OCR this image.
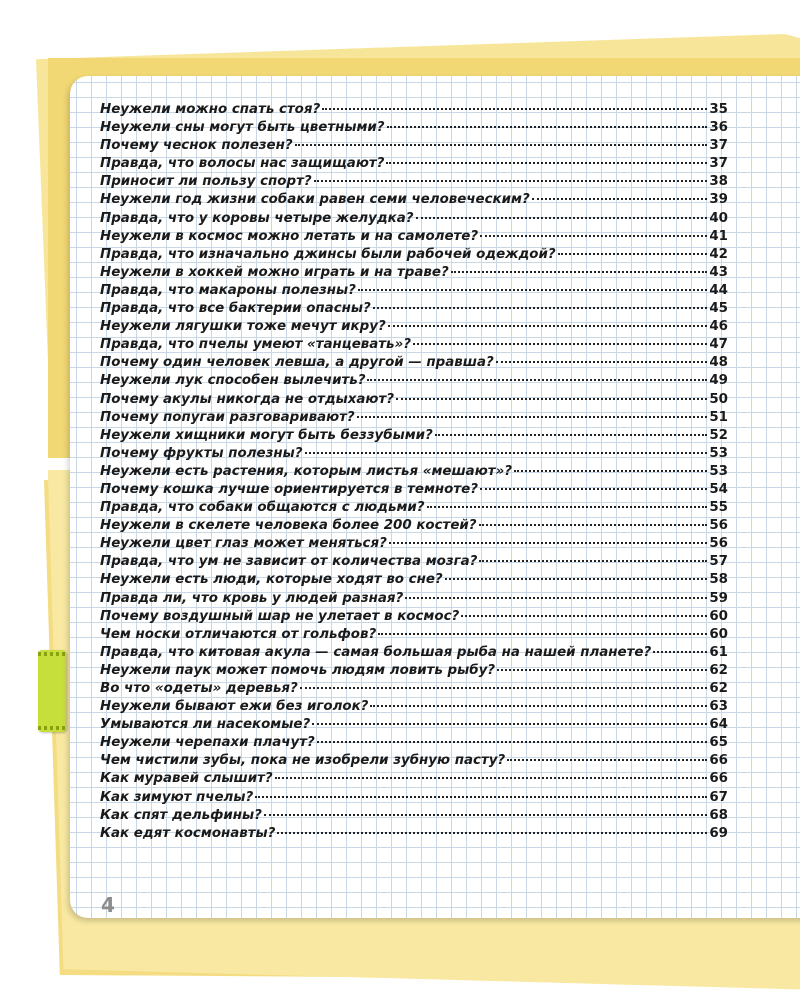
Неужели можно спать стоя?	35
Неужели сны могут быть цветными?	36
Почему чеснок полезен?	37
Правда, что волосы нас защищают?	37
Приносит ли пользу спорт?	38
Неужели год жизни собаки равен семи человеческим?	39
Правда, что у коровы четыре желудка?	40
Неужели в космос можно летать и на самолете?	41
Правда, что изначально джинсы были рабочей одеждой?	42
Неужели в хоккей можно играть и на траве?	43
Правда, что макароны полезны?	44
Правда, что все бактерии опасны?	45
Неужели лягушки тоже мечут икру?	46
Правда, что пчелы умеют «танцевать»?	47
Почему один человек левша, а другой — правша?	48
Неужели лук способен вылечить?	49
Почему акулы никогда не отдыхают?	50
Почему попугаи разговаривают?	51
Неужели хищники могут быть беззубыми?	52
Почему фрукты полезны?	53
Неужели есть растения, которым листья «мешают»?	53
Почему кошка лучше ориентируется в темноте?	54
Правда, что собаки общаются с людьми?	55
Неужели в скелете человека более 200 костей?	56
Неужели цвет глаз может меняться?	56
Правда, что ум не зависит от количества мозга?	57
Неужели есть люди, которые ходят во сне?	58
Правда ли, что кровь у людей разная?	59
Почему воздушный шар не улетает в космос?	60
Чем носки отличаются от гольфов?	60
Правда, что китовая акула — самая большая рыба на нашей планете?	61
Неужели паук может помочь людям ловить рыбу?	62
Во что «одеты» деревья?	62
Неужели бывают ежи без иголок?	63
Умываются ли насекомые?	64
Неужели черепахи плачут?	65
Чем чистили зубы, пока не изобрели зубную пасту?	66
Как муравей слышит?	66
Как зимуют пчелы?	67
Как спят дельфины?	68
Как едят космонавты?	69
4
